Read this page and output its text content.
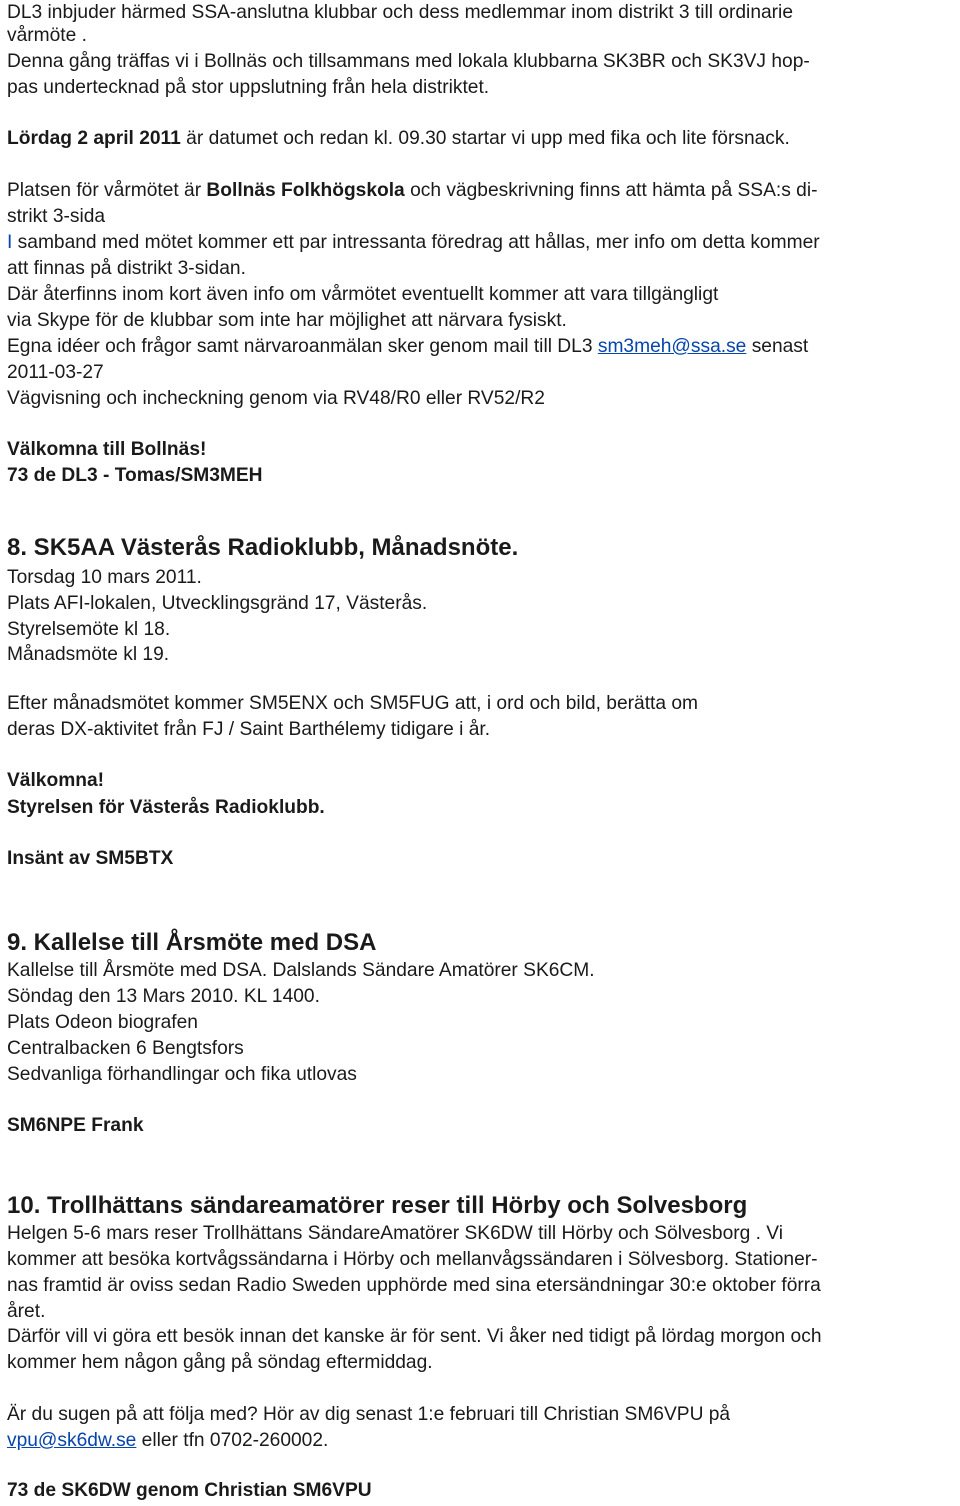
DL3 inbjuder härmed SSA-anslutna klubbar och dess medlemmar inom distrikt 3 till ordinarie
vårmöte .
Denna gång träffas vi i Bollnäs och tillsammans med lokala klubbarna SK3BR och SK3VJ hop-
pas undertecknad på stor uppslutning från hela distriktet.
Lördag 2 april 2011 är datumet och redan kl. 09.30 startar vi upp med fika och lite försnack.
Platsen för vårmötet är Bollnäs Folkhögskola och vägbeskrivning finns att hämta på SSA:s di-
strikt 3-sida
I samband med mötet kommer ett par intressanta föredrag att hållas, mer info om detta kommer
att finnas på distrikt 3-sidan.
Där återfinns inom kort även info om vårmötet eventuellt kommer att vara tillgängligt
via Skype för de klubbar som inte har möjlighet att närvara fysiskt.
Egna idéer och frågor samt närvaroanmälan sker genom mail till DL3 sm3meh@ssa.se senast
2011-03-27
Vägvisning och incheckning genom via RV48/R0 eller RV52/R2
Välkomna till Bollnäs!
73 de DL3 - Tomas/SM3MEH
8. SK5AA Västerås Radioklubb, Månadsnöte.
Torsdag 10 mars 2011.
Plats AFI-lokalen, Utvecklingsgränd 17, Västerås.
Styrelsemöte kl 18.
Månadsmöte kl 19.
Efter månadsmötet kommer SM5ENX och SM5FUG att, i ord och bild, berätta om
deras DX-aktivitet från FJ / Saint Barthélemy tidigare i år.
Välkomna!
Styrelsen för Västerås Radioklubb.
Insänt av SM5BTX
9. Kallelse till Årsmöte med DSA
Kallelse till Årsmöte med DSA. Dalslands Sändare Amatörer SK6CM.
Söndag den 13 Mars 2010. KL 1400.
Plats Odeon biografen
Centralbacken 6 Bengtsfors
Sedvanliga förhandlingar och fika utlovas
SM6NPE Frank
10. Trollhättans sändareamatörer reser till Hörby och Solvesborg
Helgen 5-6 mars reser Trollhättans SändareAmatörer SK6DW till Hörby och Sölvesborg . Vi
kommer att besöka kortvågssändarna i Hörby och mellanvågssändaren i Sölvesborg. Stationer-
nas framtid är oviss sedan Radio Sweden upphörde med sina etersändningar 30:e oktober förra
året.
Därför vill vi göra ett besök innan det kanske är för sent. Vi åker ned tidigt på lördag morgon och
kommer hem någon gång på söndag eftermiddag.
Är du sugen på att följa med? Hör av dig senast 1:e februari till Christian SM6VPU på
vpu@sk6dw.se eller tfn 0702-260002.
73 de SK6DW genom Christian SM6VPU
